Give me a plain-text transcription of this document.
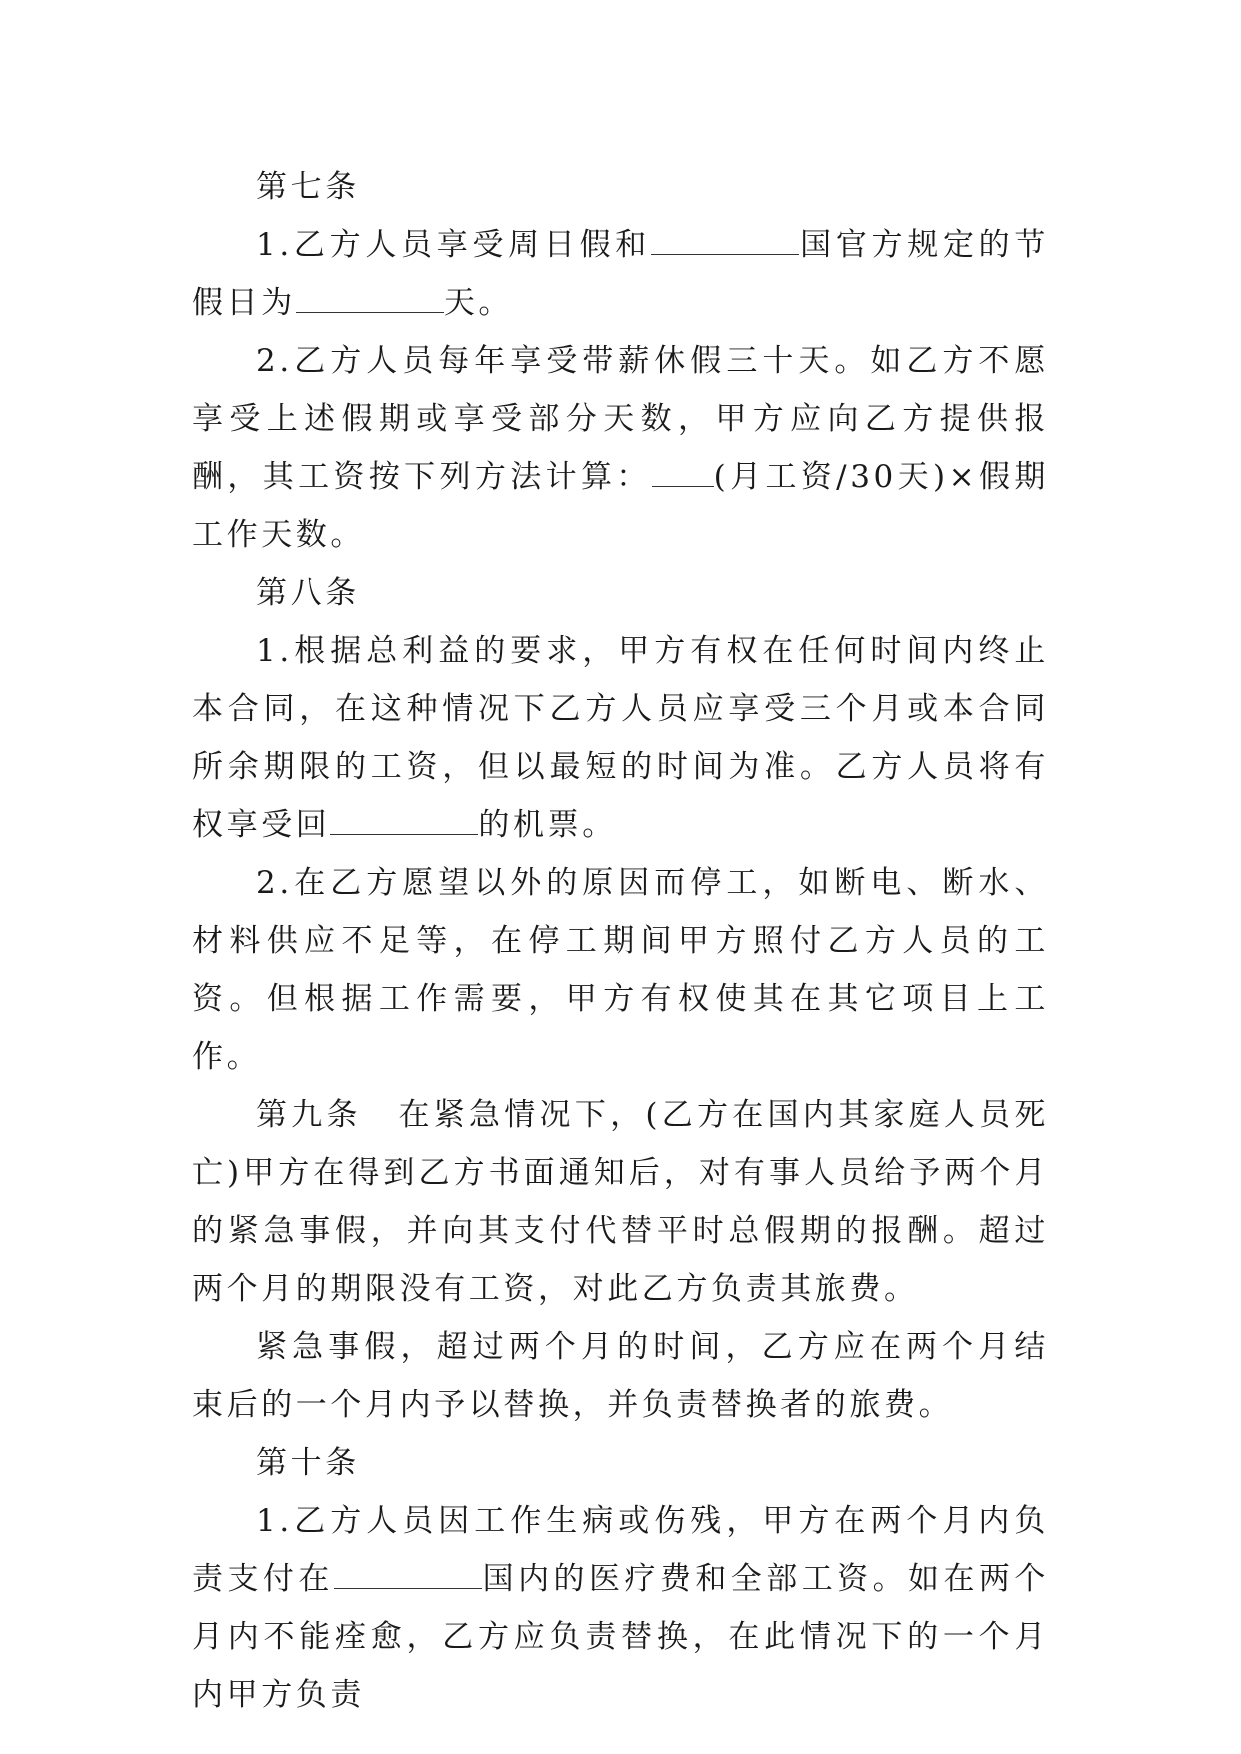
第七条

1.乙方人员享受周日假和	国官方规定的节假日为	天。

2.乙方人员每年享受带薪休假三十天。如乙方不愿享受上述假期或享受部分天数，甲方应向乙方提供报酬，其工资按下列方法计算： (月工资/30天)×假期工作天数。

第八条

1.根据总利益的要求，甲方有权在任何时间内终止本合同，在这种情况下乙方人员应享受三个月或本合同所余期限的工资，但以最短的时间为准。乙方人员将有权享受回	的机票。

2.在乙方愿望以外的原因而停工，如断电、断水、材料供应不足等，在停工期间甲方照付乙方人员的工资。但根据工作需要，甲方有权使其在其它项目上工作。

第九条 在紧急情况下，(乙方在国内其家庭人员死亡)甲方在得到乙方书面通知后，对有事人员给予两个月的紧急事假，并向其支付代替平时总假期的报酬。超过两个月的期限没有工资，对此乙方负责其旅费。

紧急事假，超过两个月的时间，乙方应在两个月结束后的一个月内予以替换，并负责替换者的旅费。

第十条

1.乙方人员因工作生病或伤残，甲方在两个月内负责支付在	国内的医疗费和全部工资。如在两个月内不能痊愈，乙方应负责替换，在此情况下的一个月内甲方负责
